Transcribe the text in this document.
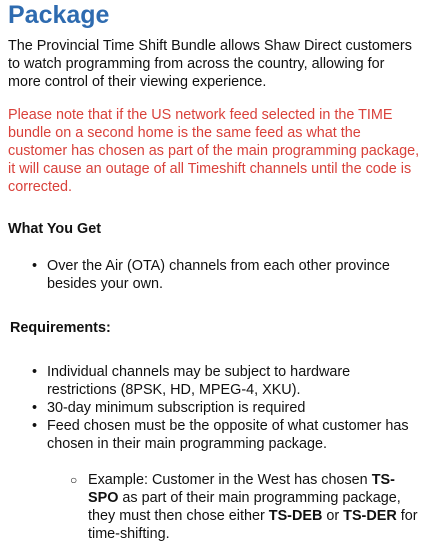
Package

The Provincial Time Shift Bundle allows Shaw Direct customers to watch programming from across the country, allowing for more control of their viewing experience.

Please note that if the US network feed selected in the TIME bundle on a second home is the same feed as what the customer has chosen as part of the main programming package, it will cause an outage of all Timeshift channels until the code is corrected.

What You Get
• Over the Air (OTA) channels from each other province besides your own.
Requirements:
• Individual channels may be subject to hardware restrictions (8PSK, HD, MPEG-4, XKU).
• 30-day minimum subscription is required
• Feed chosen must be the opposite of what customer has chosen in their main programming package.
○ Example: Customer in the West has chosen TS-SPO as part of their main programming package, they must then chose either TS-DEB or TS-DER for time-shifting.
